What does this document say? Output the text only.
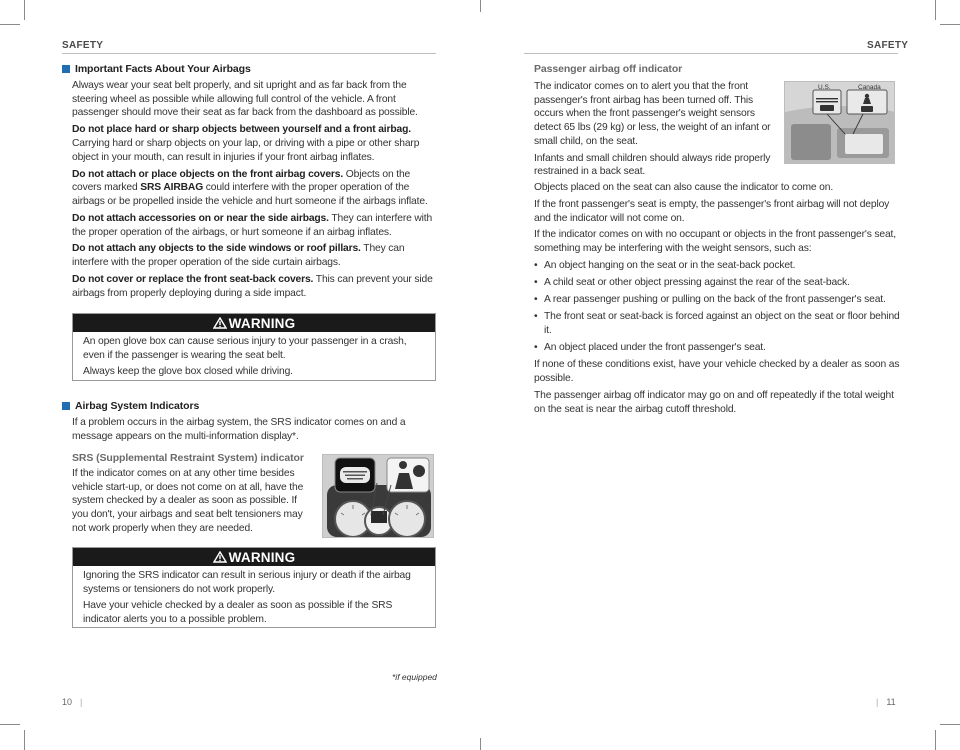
SAFETY
Important Facts About Your Airbags

Always wear your seat belt properly, and sit upright and as far back from the steering wheel as possible while allowing full control of the vehicle. A front passenger should move their seat as far back from the dashboard as possible.

Do not place hard or sharp objects between yourself and a front airbag. Carrying hard or sharp objects on your lap, or driving with a pipe or other sharp object in your mouth, can result in injuries if your front airbag inflates.

Do not attach or place objects on the front airbag covers. Objects on the covers marked SRS AIRBAG could interfere with the proper operation of the airbags or be propelled inside the vehicle and hurt someone if the airbags inflate.

Do not attach accessories on or near the side airbags. They can interfere with the proper operation of the airbags, or hurt someone if an airbag inflates.

Do not attach any objects to the side windows or roof pillars. They can interfere with the proper operation of the side curtain airbags.

Do not cover or replace the front seat-back covers. This can prevent your side airbags from properly deploying during a side impact.

WARNING

An open glove box can cause serious injury to your passenger in a crash, even if the passenger is wearing the seat belt.

Always keep the glove box closed while driving.

Airbag System Indicators
If a problem occurs in the airbag system, the SRS indicator comes on and a message appears on the multi-information display*.
SRS (Supplemental Restraint System) indicator
If the indicator comes on at any other time besides vehicle start-up, or does not come on at all, have the system checked by a dealer as soon as possible. If you don't, your airbags and seat belt tensioners may not work properly when they are needed.
WARNING

Ignoring the SRS indicator can result in serious injury or death if the airbag systems or tensioners do not work properly.

Have your vehicle checked by a dealer as soon as possible if the SRS indicator alerts you to a possible problem.

*if equipped
10 |
SAFETY
Passenger airbag off indicator

The indicator comes on to alert you that the front passenger's front airbag has been turned off. This occurs when the front passenger's weight sensors detect 65 lbs (29 kg) or less, the weight of an infant or small child, on the seat.

Infants and small children should always ride properly restrained in a back seat.

U.S.	Canada

Objects placed on the seat can also cause the indicator to come on.

If the front passenger's seat is empty, the passenger's front airbag will not deploy and the indicator will not come on.

If the indicator comes on with no occupant or objects in the front passenger's seat, something may be interfering with the weight sensors, such as:

• An object hanging on the seat or in the seat-back pocket.
• A child seat or other object pressing against the rear of the seat-back.
• A rear passenger pushing or pulling on the back of the front passenger's seat.
• The front seat or seat-back is forced against an object on the seat or floor behind it.
• An object placed under the front passenger's seat.

If none of these conditions exist, have your vehicle checked by a dealer as soon as possible.

The passenger airbag off indicator may go on and off repeatedly if the total weight on the seat is near the airbag cutoff threshold.

| 11
